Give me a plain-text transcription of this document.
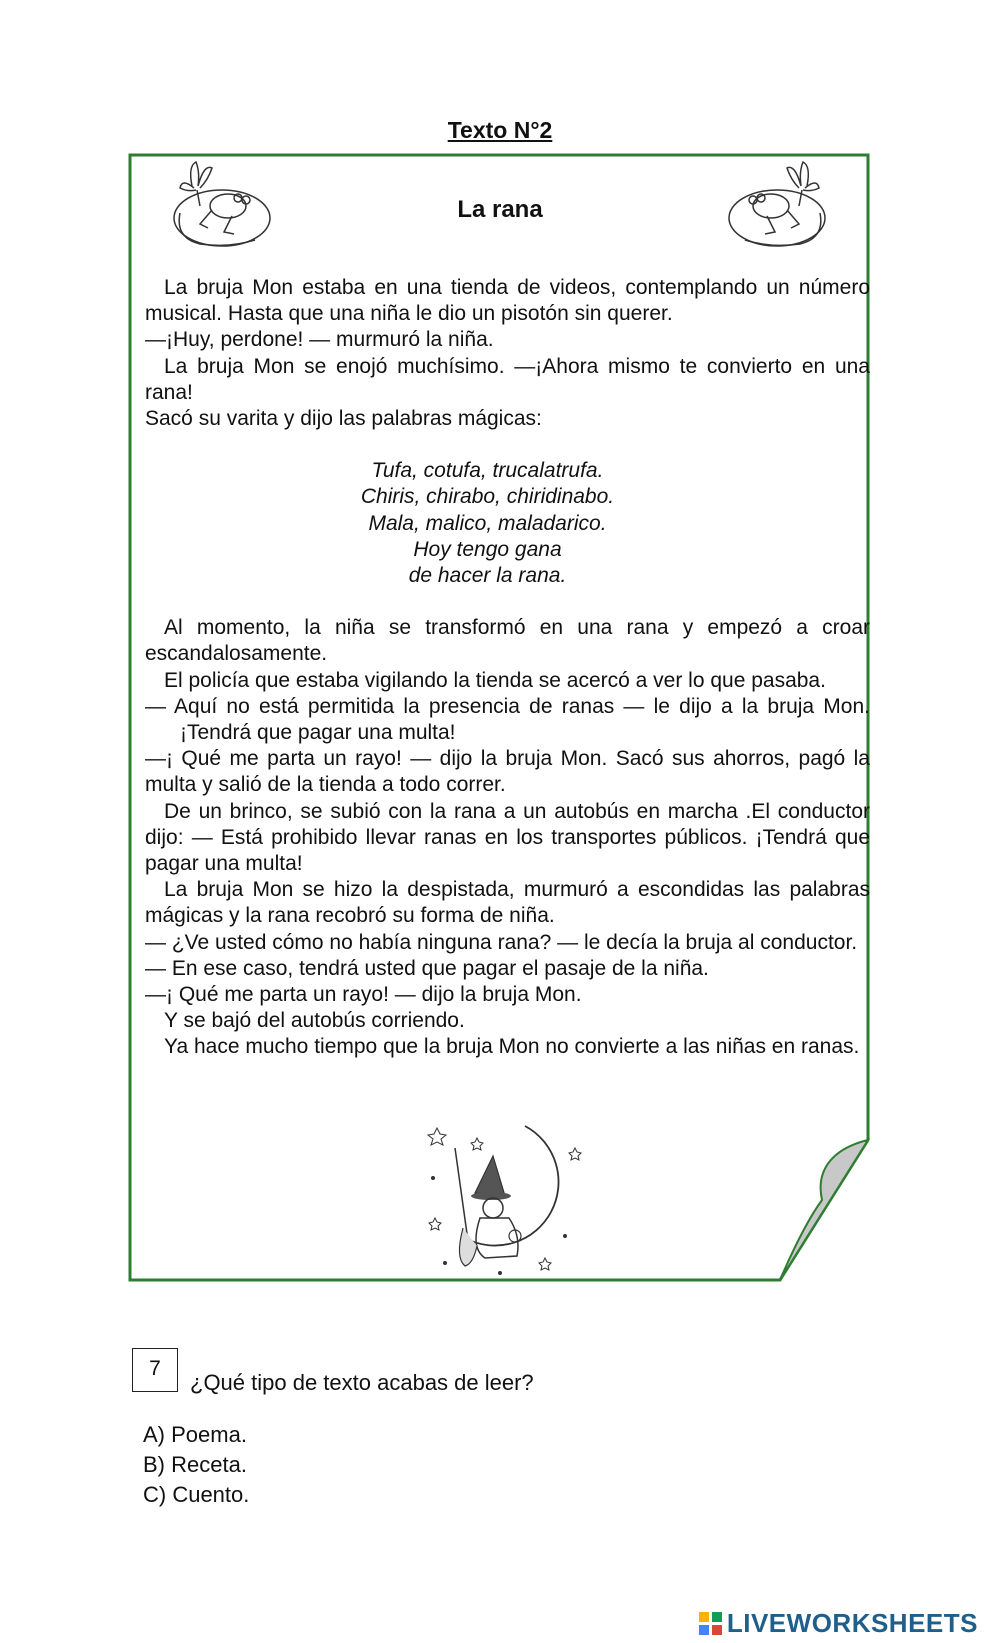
Texto N°2
La rana
La bruja Mon estaba en una tienda de videos, contemplando un número musical. Hasta que una niña le dio un pisotón sin querer.
—¡Huy, perdone! — murmuró la niña.
La bruja Mon se enojó muchísimo. —¡Ahora mismo te convierto en una rana!
Sacó su varita y dijo las palabras mágicas:
Tufa, cotufa, trucalatrufa.
Chiris, chirabo, chiridinabo.
Mala, malico, maladarico.
Hoy tengo gana
de hacer la rana.
Al momento, la niña se transformó en una rana y empezó a croar escandalosamente.
El policía que estaba vigilando la tienda se acercó a ver lo que pasaba.
— Aquí no está permitida la presencia de ranas — le dijo a la bruja Mon. ¡Tendrá que pagar una multa!
—¡ Qué me parta un rayo! — dijo la bruja Mon. Sacó sus ahorros, pagó la multa y salió de la tienda a todo correr.
De un brinco, se subió con la rana a un autobús en marcha .El conductor dijo: — Está prohibido llevar ranas en los transportes públicos. ¡Tendrá que pagar una multa!
La bruja Mon se hizo la despistada, murmuró a escondidas las palabras mágicas y la rana recobró su forma de niña.
— ¿Ve usted cómo no había ninguna rana? — le decía la bruja al conductor.
— En ese caso, tendrá usted que pagar el pasaje de la niña.
—¡ Qué me parta un rayo! — dijo la bruja Mon.
Y se bajó del autobús corriendo.
Ya hace mucho tiempo que la bruja Mon no convierte a las niñas en ranas.
7
¿Qué tipo de texto acabas de leer?
A) Poema.
B) Receta.
C) Cuento.
LIVEWORKSHEETS
